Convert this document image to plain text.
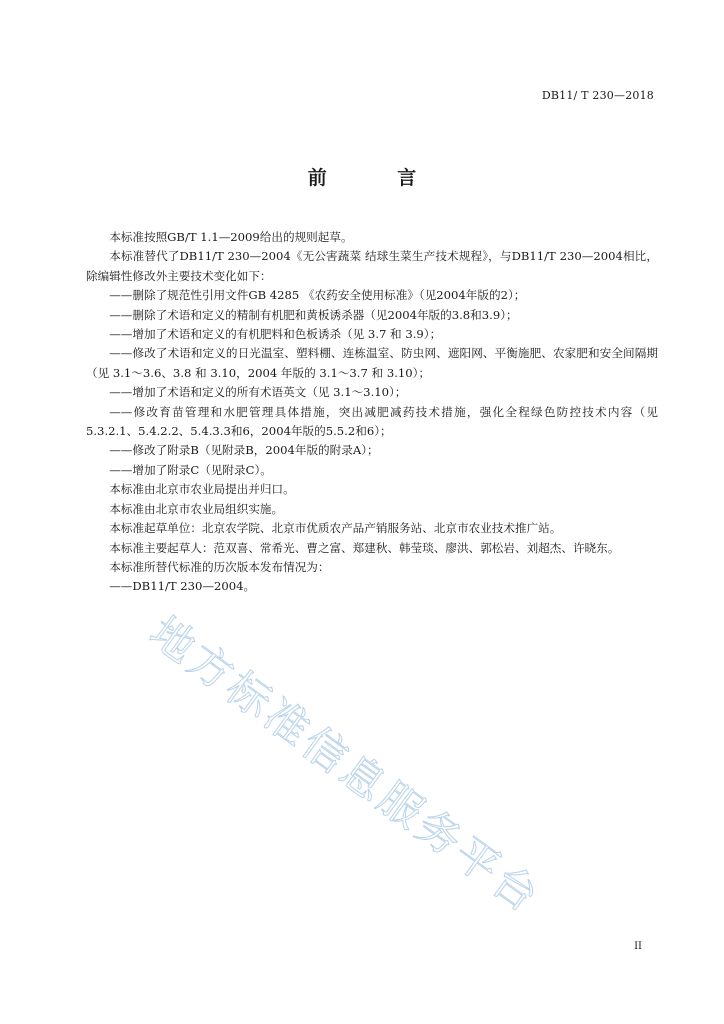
DB11/ T 230—2018
前 言

本标准按照GB/T 1.1—2009给出的规则起草。

本标准替代了DB11/T 230—2004《无公害蔬菜 结球生菜生产技术规程》，与DB11/T 230—2004相比，除编辑性修改外主要技术变化如下：

——删除了规范性引用文件GB 4285 《农药安全使用标准》（见2004年版的2）；

——删除了术语和定义的精制有机肥和黄板诱杀器（见2004年版的3.8和3.9）；

——增加了术语和定义的有机肥料和色板诱杀（见 3.7 和 3.9）；

——修改了术语和定义的日光温室、塑料棚、连栋温室、防虫网、遮阳网、平衡施肥、农家肥和安全间隔期（见 3.1～3.6、3.8 和 3.10，2004 年版的 3.1～3.7 和 3.10）；

——增加了术语和定义的所有术语英文（见 3.1～3.10）；

——修改育苗管理和水肥管理具体措施，突出减肥减药技术措施，强化全程绿色防控技术内容（见5.3.2.1、5.4.2.2、5.4.3.3和6，2004年版的5.5.2和6）；

——修改了附录B（见附录B，2004年版的附录A）；

——增加了附录C（见附录C）。

本标准由北京市农业局提出并归口。

本标准由北京市农业局组织实施。

本标准起草单位：北京农学院、北京市优质农产品产销服务站、北京市农业技术推广站。

本标准主要起草人：范双喜、常希光、曹之富、郑建秋、韩莹琰、廖洪、郭松岩、刘超杰、许晓东。

本标准所替代标准的历次版本发布情况为：

——DB11/T 230—2004。

地方标准信息服务平台
II
